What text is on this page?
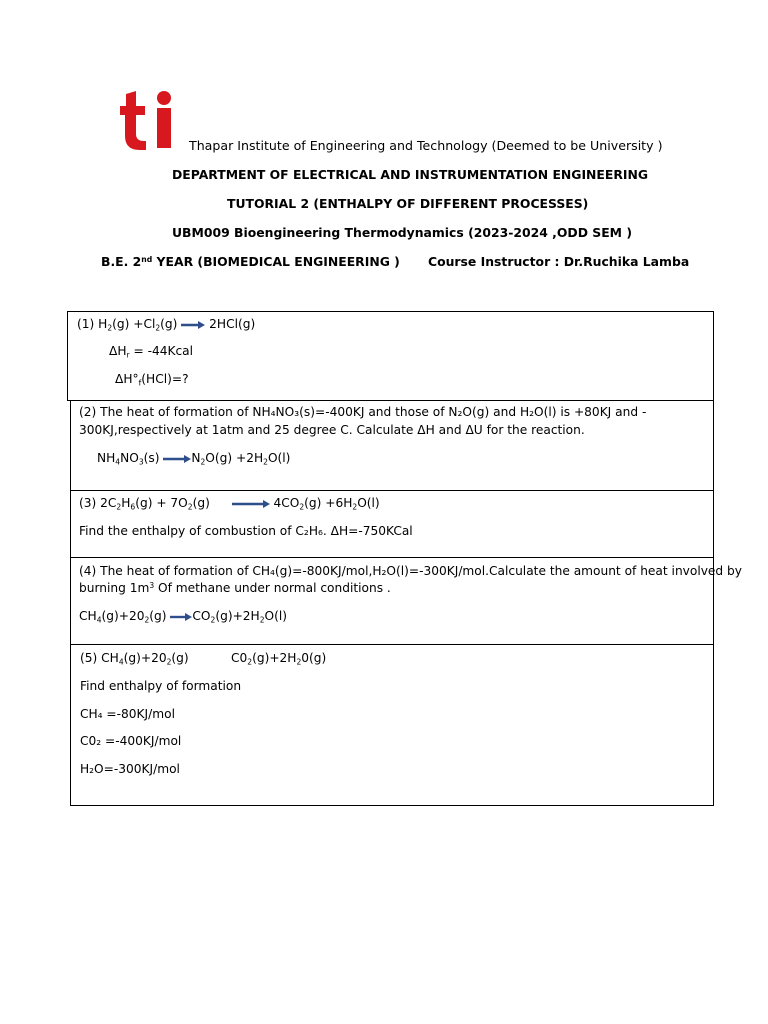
Thapar Institute of Engineering and Technology (Deemed to be University )
DEPARTMENT OF ELECTRICAL AND INSTRUMENTATION ENGINEERING
TUTORIAL 2 (ENTHALPY OF DIFFERENT PROCESSES)
UBM009 Bioengineering Thermodynamics (2023-2024 ,ODD SEM )
B.E. 2nd YEAR (BIOMEDICAL ENGINEERING ) Course Instructor : Dr.Ruchika Lamba
(1) $H_2(g) +Cl_2(g) \to 2HCl(g)$
$\Delta H_r$ = -44Kcal
$\Delta H^\circ_f(HCl)=$?
(2) The heat of formation of NH₄NO₃(s)=-400KJ and those of N₂O(g) and H₂O(l) is +80KJ and -
300KJ,respectively at 1atm and 25 degree C. Calculate ΔH and ΔU for the reaction.
$NH_4NO_3(s) \to N_2O(g) +2H_2O(l)$
(3) $2C_2H_6(g) + 7O_2(g) \to 4CO_2(g) +6H_2O(l)$
Find the enthalpy of combustion of C₂H₆. ΔH=-750KCal
(4) The heat of formation of CH₄(g)=-800KJ/mol,H₂O(l)=-300KJ/mol.Calculate the amount of heat involved by
burning $1m^3$ Of methane under normal conditions .
$CH_4(g)+20_2(g) \to CO_2(g)+2H_2O(l)$
(5) $CH_4(g)+20_2(g)$	$C0_2(g)+2H_20(g)$
Find enthalpy of formation
CH₄ =-80KJ/mol
C0₂ =-400KJ/mol
H₂O=-300KJ/mol
